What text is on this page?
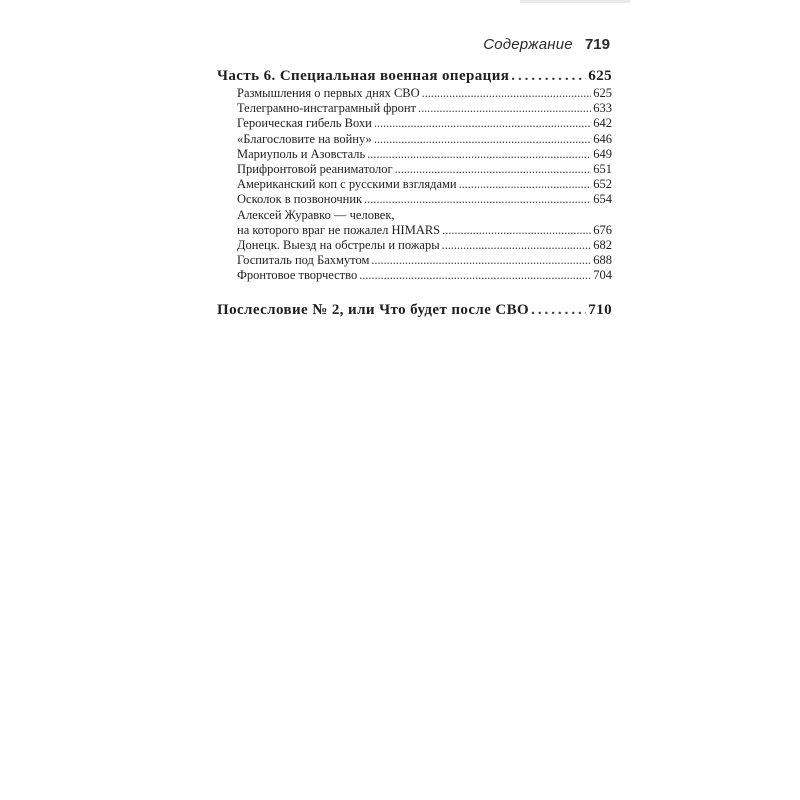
Содержание 719
Часть 6. Специальная военная операция . . .	625
Размышления о первых днях СВО . . .	625
Телеграмно-инстаграмный фронт . . .	633
Героическая гибель Вохи . . .	642
«Благословите на войну» . . .	646
Мариуполь и Азовсталь . . .	649
Прифронтовой реаниматолог . . .	651
Американский коп с русскими взглядами . . .	652
Осколок в позвоночник . . .	654
Алексей Журавко — человек,
на которого враг не пожалел HIMARS . . .	676
Донецк. Выезд на обстрелы и пожары . . .	682
Госпиталь под Бахмутом . . .	688
Фронтовое творчество . . .	704
Послесловие № 2, или Что будет после СВО . . .	710
